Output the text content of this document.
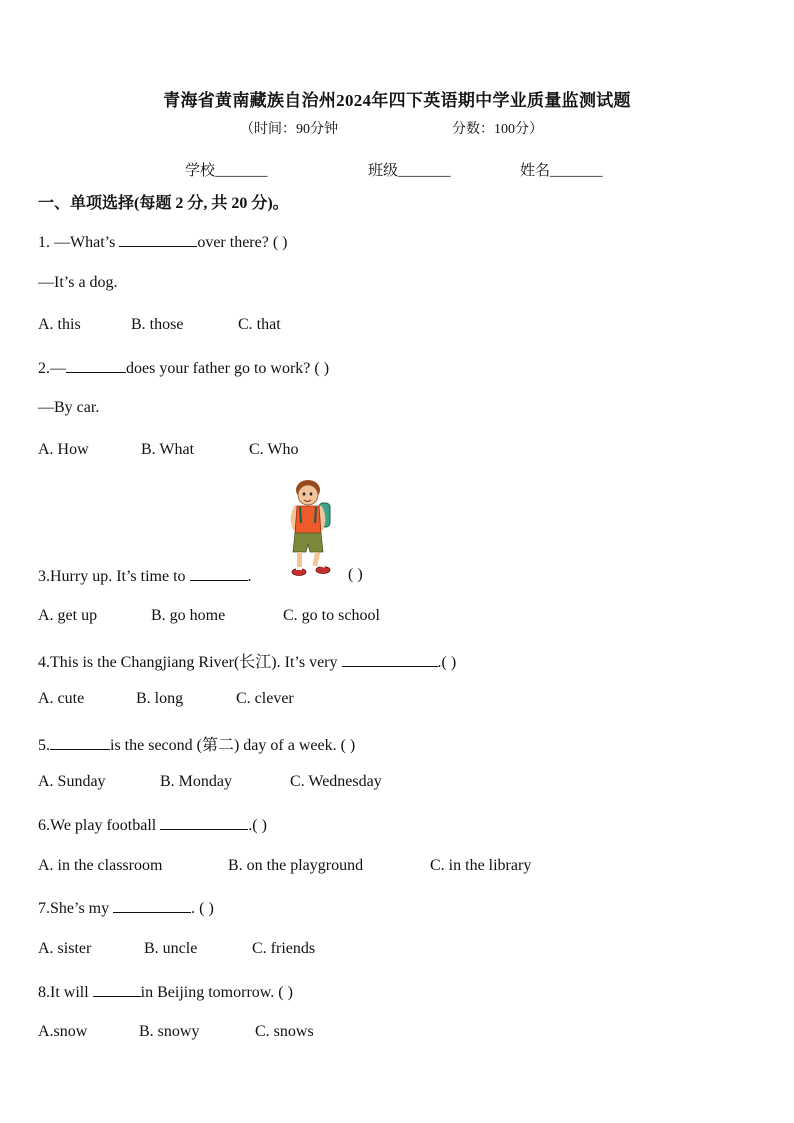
青海省黄南藏族自治州2024年四下英语期中学业质量监测试题
（时间：90分钟	分数：100分）
学校_______	班级_______	姓名_______
一、单项选择(每题 2 分, 共 20 分)。
1. —What’s	over there? ( )
—It’s a dog.
A. this	B. those	C. that
2.—	does your father go to work? ( )
—By car.
A. How	B. What	C. Who
3.Hurry up. It’s time to	.	( )
A. get up	B. go home	C. go to school
4.This is the Changjiang River(长江). It’s very	.( )
A. cute	B. long	C. clever
5.	is the second (第二) day of a week. ( )
A. Sunday	B. Monday	C. Wednesday
6.We play football	.( )
A. in the classroom	B. on the playground	C. in the library
7.She’s my	. ( )
A. sister	B. uncle	C. friends
8.It will	in Beijing tomorrow. ( )
A.snow	B. snowy	C. snows
